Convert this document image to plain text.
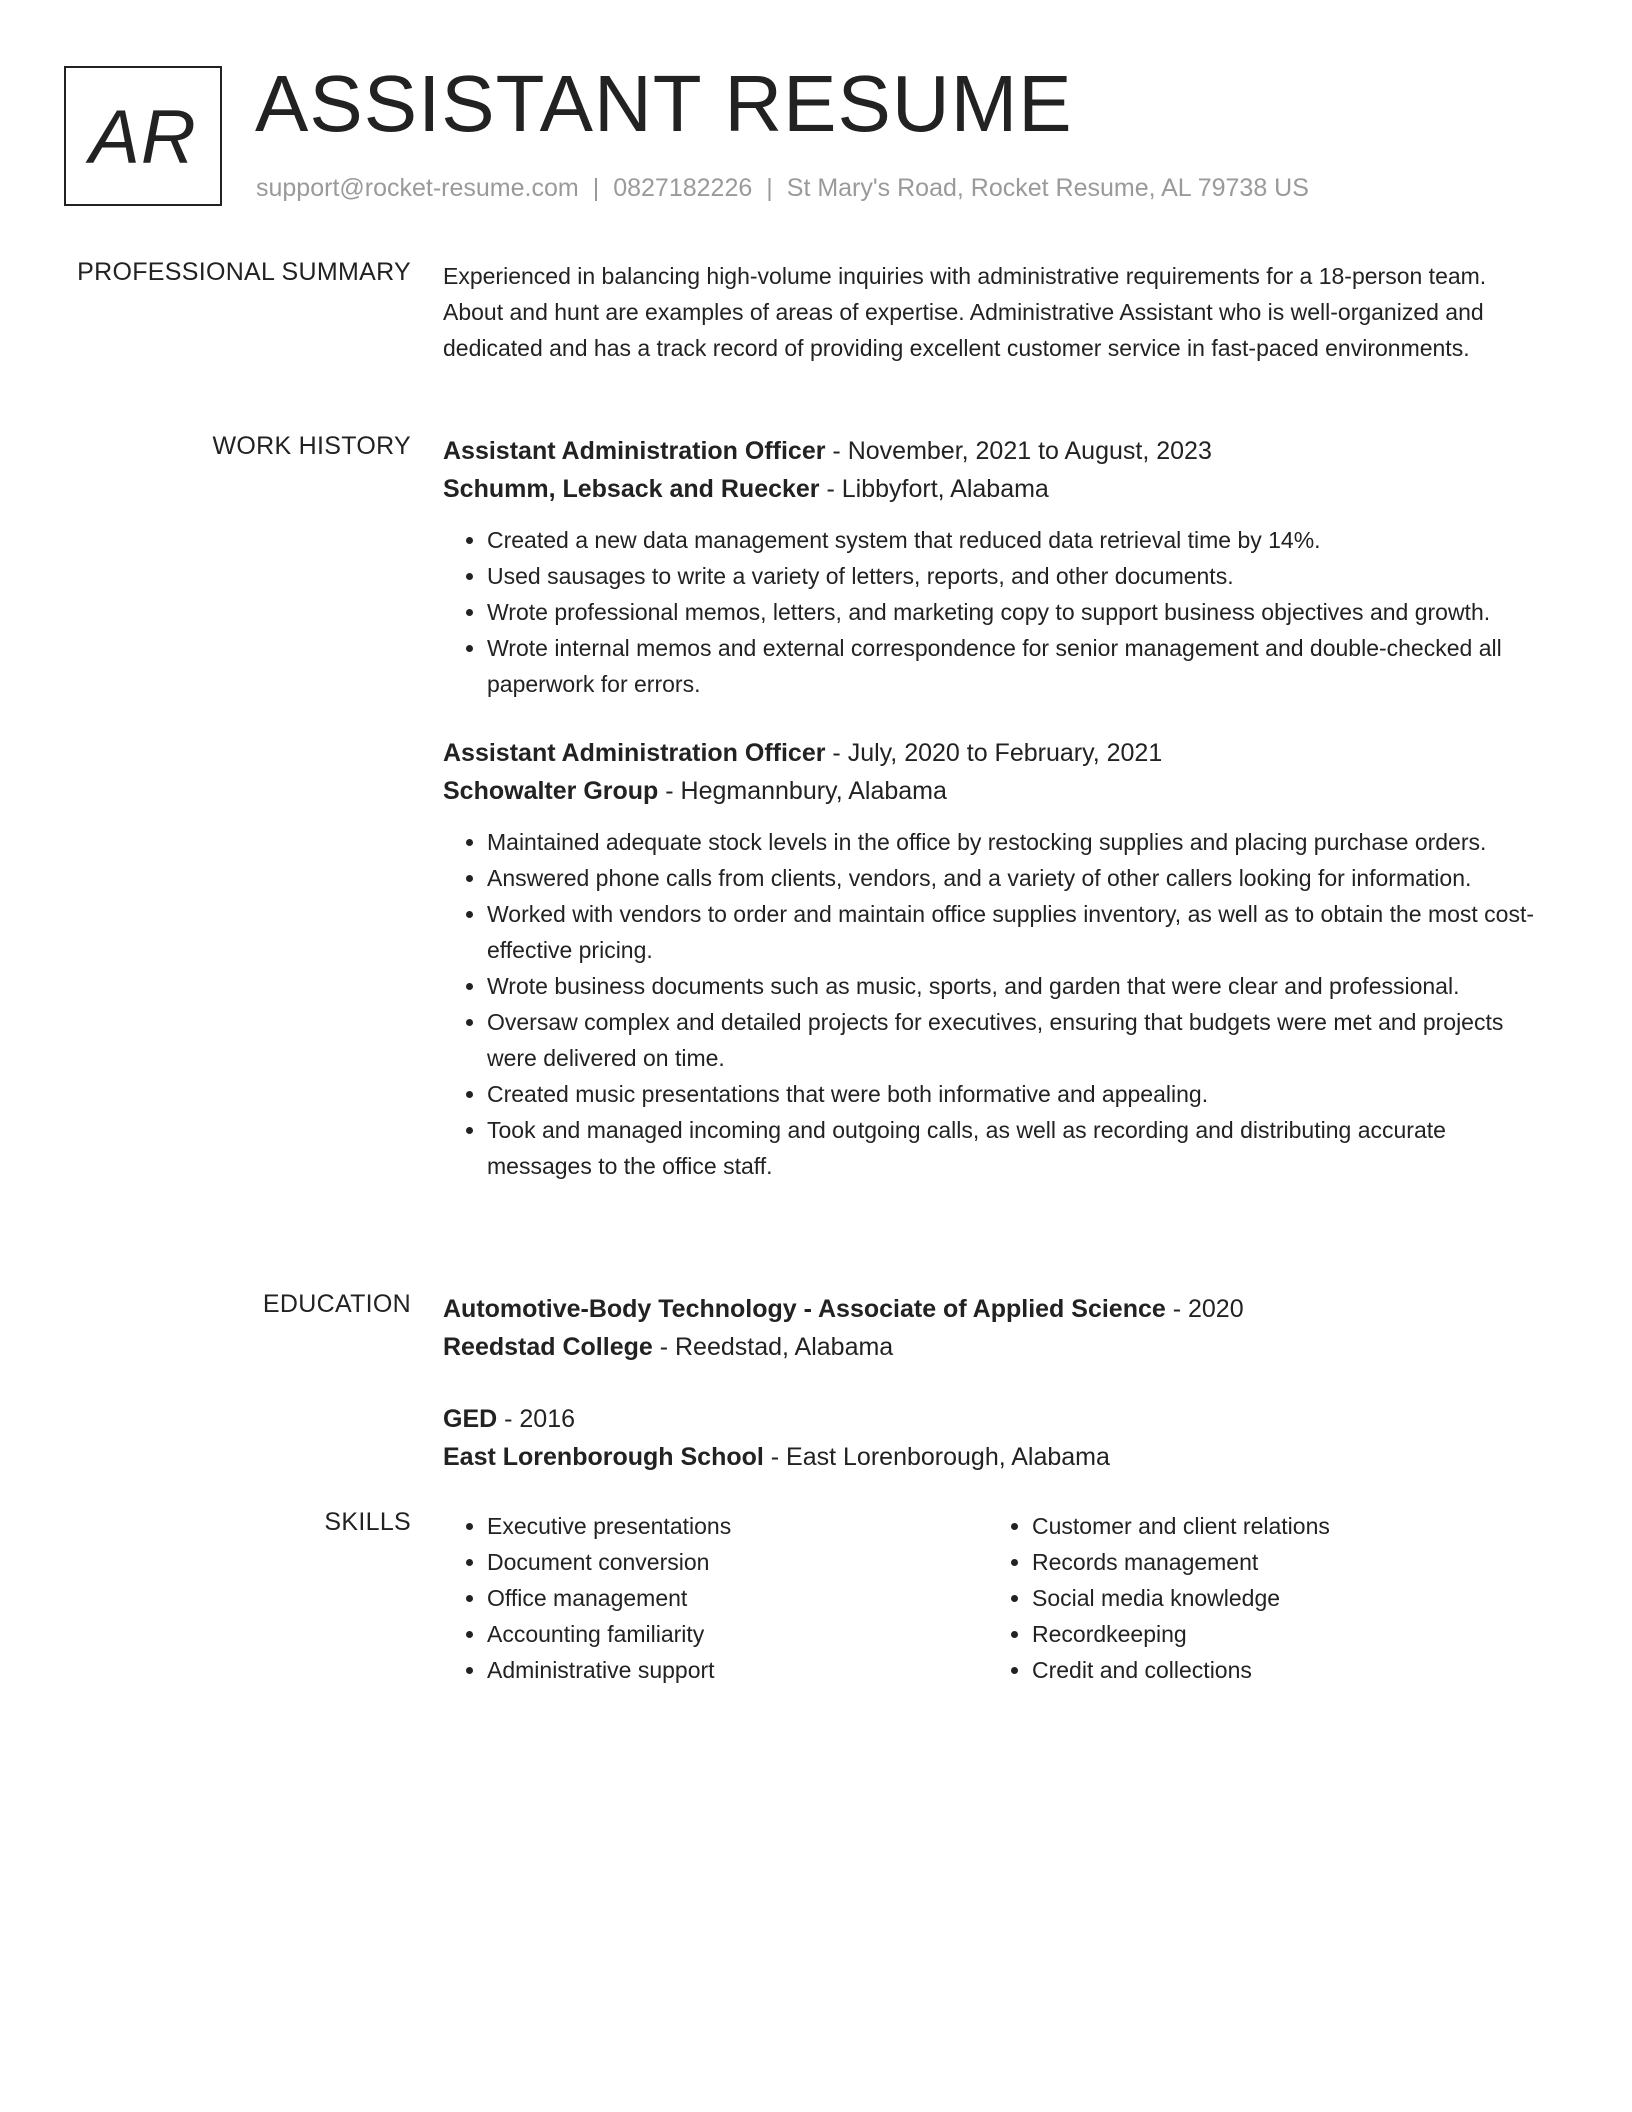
AR ASSISTANT RESUME
support@rocket-resume.com | 0827182226 | St Mary's Road, Rocket Resume, AL 79738 US
PROFESSIONAL SUMMARY Experienced in balancing high-volume inquiries with administrative requirements for a 18-person team. About and hunt are examples of areas of expertise. Administrative Assistant who is well-organized and dedicated and has a track record of providing excellent customer service in fast-paced environments.

WORK HISTORY Assistant Administration Officer - November, 2021 to August, 2023

Schumm, Lebsack and Ruecker - Libbyfort, Alabama

• Created a new data management system that reduced data retrieval time by 14%.
• Used sausages to write a variety of letters, reports, and other documents.
• Wrote professional memos, letters, and marketing copy to support business objectives and growth.
• Wrote internal memos and external correspondence for senior management and double-checked all paperwork for errors.

Assistant Administration Officer - July, 2020 to February, 2021

Schowalter Group - Hegmannbury, Alabama

• Maintained adequate stock levels in the office by restocking supplies and placing purchase orders.
• Answered phone calls from clients, vendors, and a variety of other callers looking for information.
• Worked with vendors to order and maintain office supplies inventory, as well as to obtain the most cost-effective pricing.
• Wrote business documents such as music, sports, and garden that were clear and professional.
• Oversaw complex and detailed projects for executives, ensuring that budgets were met and projects were delivered on time.
• Created music presentations that were both informative and appealing.
• Took and managed incoming and outgoing calls, as well as recording and distributing accurate messages to the office staff.
EDUCATION Automotive-Body Technology - Associate of Applied Science - 2020

Reedstad College - Reedstad, Alabama

GED - 2016

East Lorenborough School - East Lorenborough, Alabama

SKILLS
•	Executive presentations
• Document conversion
• Office management
• Accounting familiarity
• Administrative support
• Customer and client relations
• Records management
• Social media knowledge
• Recordkeeping
• Credit and collections
